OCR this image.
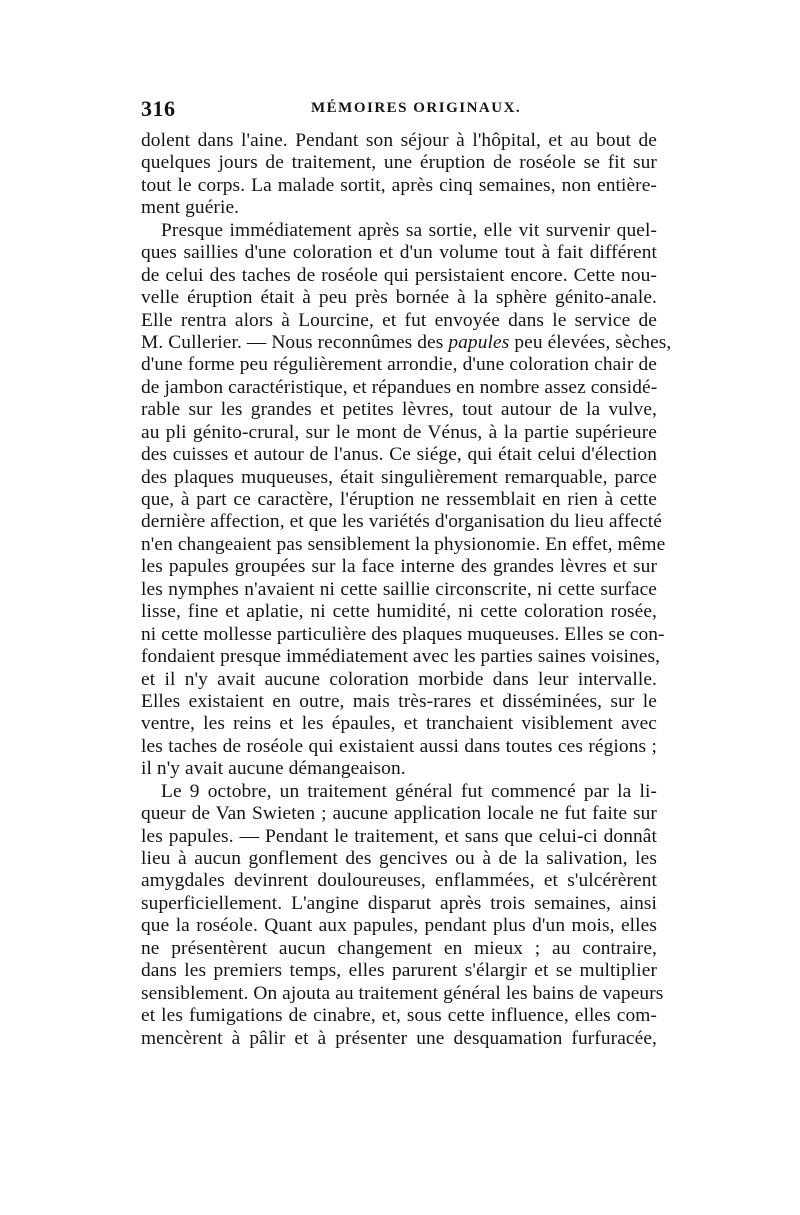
316	MÉMOIRES ORIGINAUX.
dolent dans l'aine. Pendant son séjour à l'hôpital, et au bout de
quelques jours de traitement, une éruption de roséole se fit sur
tout le corps. La malade sortit, après cinq semaines, non entière-
ment guérie.
Presque immédiatement après sa sortie, elle vit survenir quel-
ques saillies d'une coloration et d'un volume tout à fait différent
de celui des taches de roséole qui persistaient encore. Cette nou-
velle éruption était à peu près bornée à la sphère génito-anale.
Elle rentra alors à Lourcine, et fut envoyée dans le service de
M. Cullerier. — Nous reconnûmes des papules peu élevées, sèches,
d'une forme peu régulièrement arrondie, d'une coloration chair de
de jambon caractéristique, et répandues en nombre assez considé-
rable sur les grandes et petites lèvres, tout autour de la vulve,
au pli génito-crural, sur le mont de Vénus, à la partie supérieure
des cuisses et autour de l'anus. Ce siége, qui était celui d'élection
des plaques muqueuses, était singulièrement remarquable, parce
que, à part ce caractère, l'éruption ne ressemblait en rien à cette
dernière affection, et que les variétés d'organisation du lieu affecté
n'en changeaient pas sensiblement la physionomie. En effet, même
les papules groupées sur la face interne des grandes lèvres et sur
les nymphes n'avaient ni cette saillie circonscrite, ni cette surface
lisse, fine et aplatie, ni cette humidité, ni cette coloration rosée,
ni cette mollesse particulière des plaques muqueuses. Elles se con-
fondaient presque immédiatement avec les parties saines voisines,
et il n'y avait aucune coloration morbide dans leur intervalle.
Elles existaient en outre, mais très-rares et disséminées, sur le
ventre, les reins et les épaules, et tranchaient visiblement avec
les taches de roséole qui existaient aussi dans toutes ces régions ;
il n'y avait aucune démangeaison.
Le 9 octobre, un traitement général fut commencé par la li-
queur de Van Swieten ; aucune application locale ne fut faite sur
les papules. — Pendant le traitement, et sans que celui-ci donnât
lieu à aucun gonflement des gencives ou à de la salivation, les
amygdales devinrent douloureuses, enflammées, et s'ulcérèrent
superficiellement. L'angine disparut après trois semaines, ainsi
que la roséole. Quant aux papules, pendant plus d'un mois, elles
ne présentèrent aucun changement en mieux ; au contraire,
dans les premiers temps, elles parurent s'élargir et se multiplier
sensiblement. On ajouta au traitement général les bains de vapeurs
et les fumigations de cinabre, et, sous cette influence, elles com-
mencèrent à pâlir et à présenter une desquamation furfuracée,
